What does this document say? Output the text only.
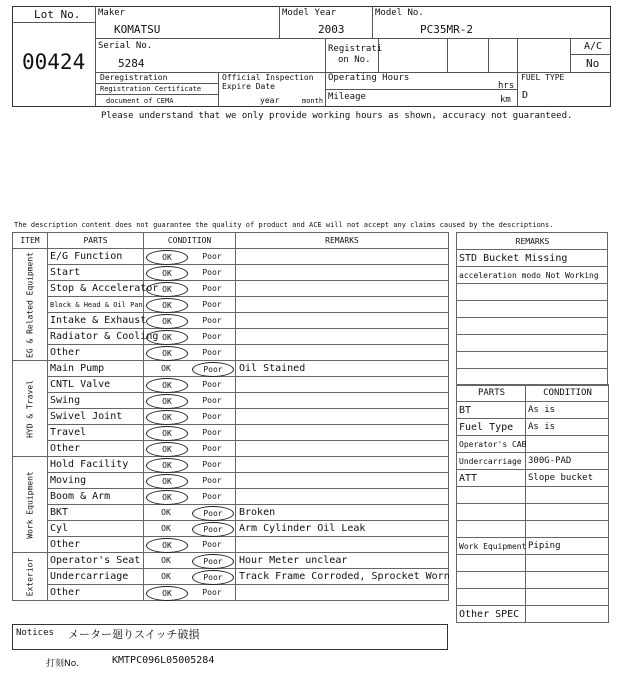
Lot No.
00424
Maker
KOMATSU
Model Year
2003
Model No.
PC35MR-2
Serial No.
5284
Registrati
on No.
A/C
No
Deregistration
Registration Certificate
document of CEMA
Official Inspection
Expire Date
year	month
Operating Hours
hrs
Mileage	km
FUEL TYPE
D
Please understand that we only provide working hours as shown, accuracy not guaranteed.
The description content does not guarantee the quality of product and ACE will not accept any claims caused by the descriptions.
ITEM	PARTS	CONDITION	REMARKS

EG & Related Equipment	E/G Function	OK Poor	

	Start	OK Poor	

	Stop & Accelerator	OK Poor	

	Block & Head & Oil Pan	OK Poor	

	Intake & Exhaust	OK Poor	

	Radiator & Cooling	OK Poor	

	Other	OK Poor	

HYD & Travel	Main Pump	OK Poor	Oil Stained
	CNTL Valve	OK Poor	

	Swing	OK Poor	

	Swivel Joint	OK Poor	

	Travel	OK Poor	

	Other	OK Poor	

Work Equipment	Hold Facility	OK Poor	

	Moving	OK Poor	

	Boom & Arm	OK Poor	

	BKT	OK Poor	Broken
	Cyl	OK Poor	Arm Cylinder Oil Leak
	Other	OK Poor	

Exterior	Operator's Seat	OK Poor	Hour Meter unclear
	Undercarriage	OK Poor	Track Frame Corroded, Sprocket Worn
	Other	OK Poor	

Notices メーター廻りスイッチ破損
REMARKS
STD Bucket Missing
acceleration modo Not Working

PARTS	CONDITION
BT	As is
Fuel Type	As is
Operator's CAB	
Undercarriage	300G-PAD
ATT	Slope bucket

Work Equipment	Piping

Other SPEC	
打刻No.	KMTPC096L05005284
